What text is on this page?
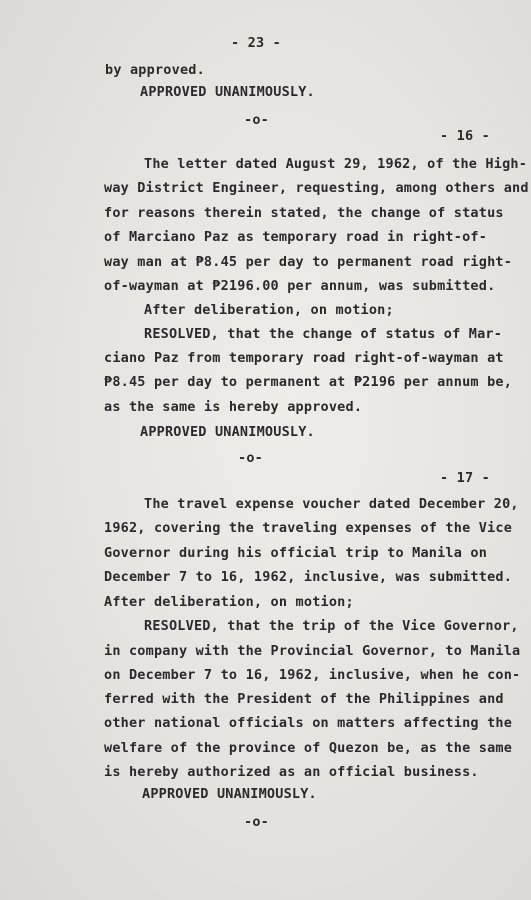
- 23 -
by approved.
APPROVED UNANIMOUSLY.
-o-
- 16 -
The letter dated August 29, 1962, of the High-
way District Engineer, requesting, among others and
for reasons therein stated, the change of status
of Marciano Paz as temporary road in right-of-
way man at ₱8.45 per day to permanent road right-
of-wayman at ₱2196.00 per annum, was submitted.
After deliberation, on motion;
RESOLVED, that the change of status of Mar-
ciano Paz from temporary road right-of-wayman at
₱8.45 per day to permanent at ₱2196 per annum be,
as the same is hereby approved.
APPROVED UNANIMOUSLY.
-o-
- 17 -
The travel expense voucher dated December 20,
1962, covering the traveling expenses of the Vice
Governor during his official trip to Manila on
December 7 to 16, 1962, inclusive, was submitted.
After deliberation, on motion;
RESOLVED, that the trip of the Vice Governor,
in company with the Provincial Governor, to Manila
on December 7 to 16, 1962, inclusive, when he con-
ferred with the President of the Philippines and
other national officials on matters affecting the
welfare of the province of Quezon be, as the same
is hereby authorized as an official business.
APPROVED UNANIMOUSLY.
-o-
